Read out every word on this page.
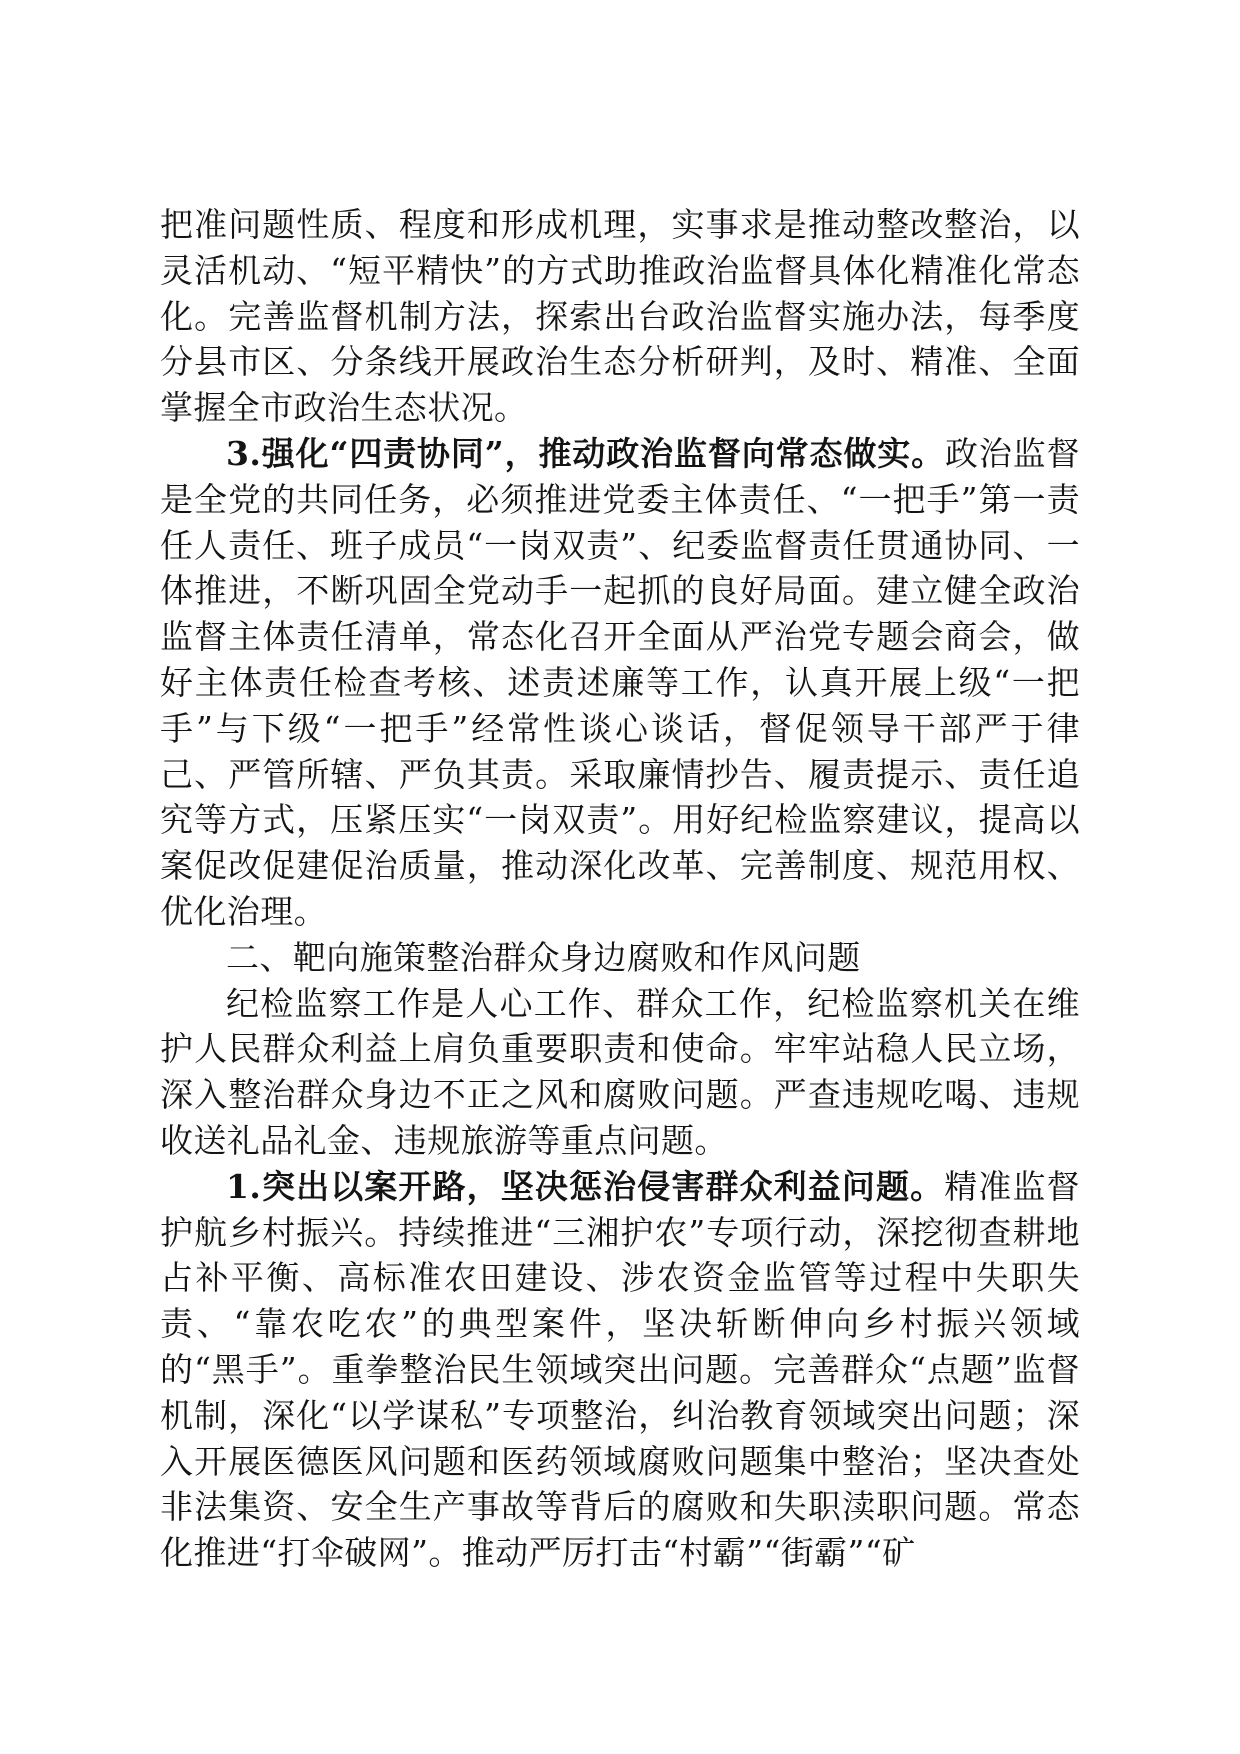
把准问题性质、程度和形成机理，实事求是推动整改整治，以灵活机动、“短平精快”的方式助推政治监督具体化精准化常态化。完善监督机制方法，探索出台政治监督实施办法，每季度分县市区、分条线开展政治生态分析研判，及时、精准、全面掌握全市政治生态状况。

3.强化“四责协同”，推动政治监督向常态做实。政治监督是全党的共同任务，必须推进党委主体责任、“一把手”第一责任人责任、班子成员“一岗双责”、纪委监督责任贯通协同、一体推进，不断巩固全党动手一起抓的良好局面。建立健全政治监督主体责任清单，常态化召开全面从严治党专题会商会，做好主体责任检查考核、述责述廉等工作，认真开展上级“一把手”与下级“一把手”经常性谈心谈话，督促领导干部严于律己、严管所辖、严负其责。采取廉情抄告、履责提示、责任追究等方式，压紧压实“一岗双责”。用好纪检监察建议，提高以案促改促建促治质量，推动深化改革、完善制度、规范用权、优化治理。

二、靶向施策整治群众身边腐败和作风问题

纪检监察工作是人心工作、群众工作，纪检监察机关在维护人民群众利益上肩负重要职责和使命。牢牢站稳人民立场，深入整治群众身边不正之风和腐败问题。严查违规吃喝、违规收送礼品礼金、违规旅游等重点问题。

1.突出以案开路，坚决惩治侵害群众利益问题。精准监督护航乡村振兴。持续推进“三湘护农”专项行动，深挖彻查耕地占补平衡、高标准农田建设、涉农资金监管等过程中失职失责、“靠农吃农”的典型案件，坚决斩断伸向乡村振兴领域的“黑手”。重拳整治民生领域突出问题。完善群众“点题”监督机制，深化“以学谋私”专项整治，纠治教育领域突出问题；深入开展医德医风问题和医药领域腐败问题集中整治；坚决查处非法集资、安全生产事故等背后的腐败和失职渎职问题。常态化推进“打伞破网”。推动严厉打击“村霸”“街霸”“矿
